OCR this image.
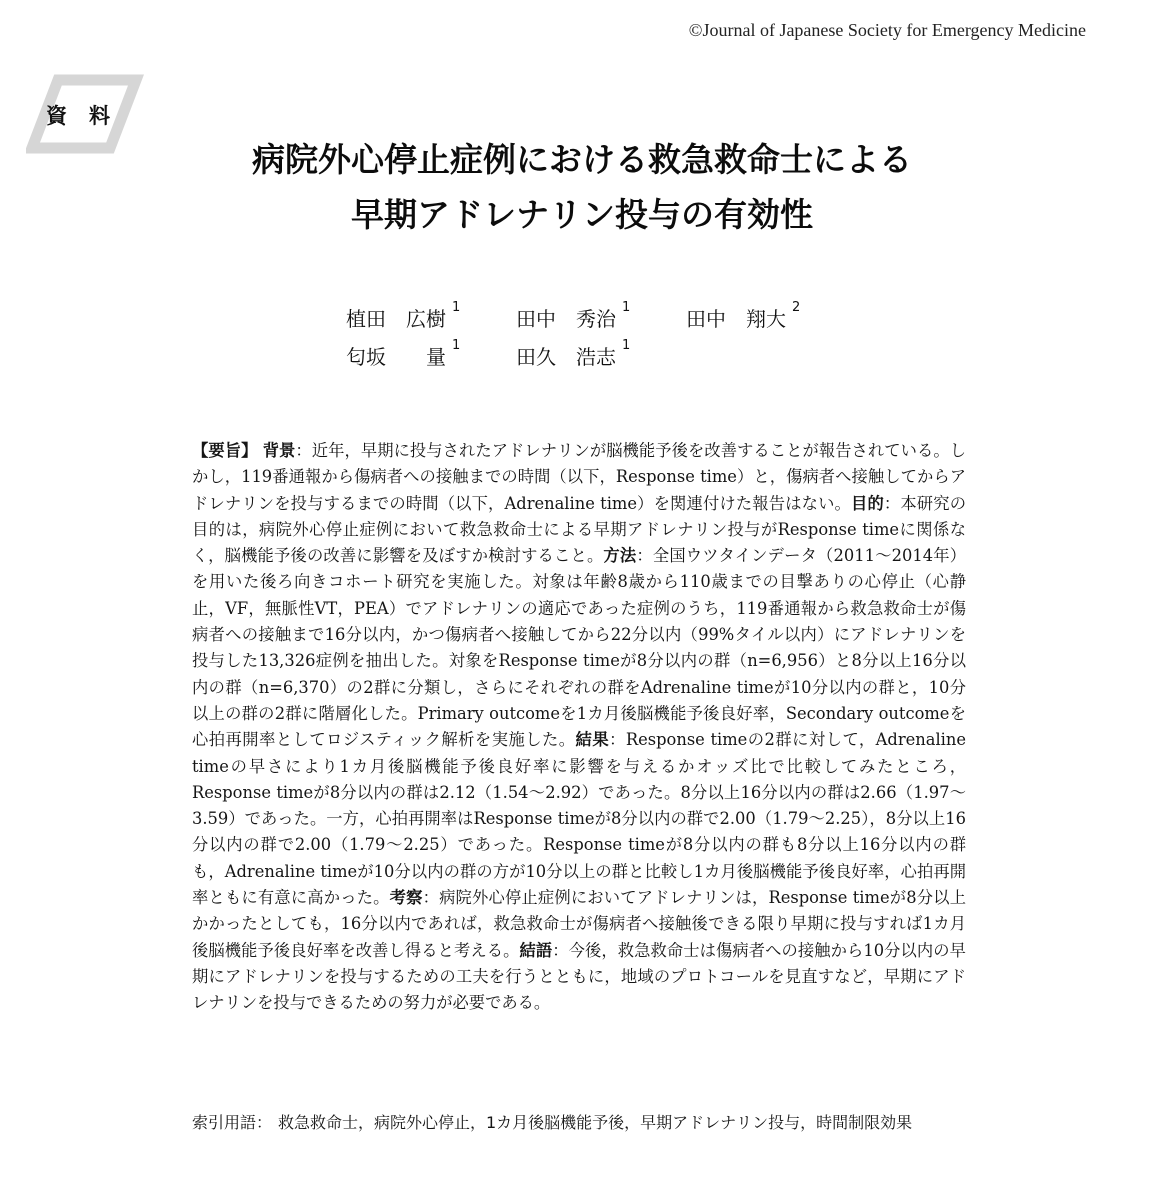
©Journal of Japanese Society for Emergency Medicine
資料
病院外心停止症例における救急救命士による
早期アドレナリン投与の有効性
植田　広樹 $^1$	田中　秀治 $^1$	田中　翔大 $^2$
匂坂　　量 $^1$	田久　浩志 $^1$
【要旨】 背景：近年，早期に投与されたアドレナリンが脳機能予後を改善することが報告されている。しかし，119番通報から傷病者への接触までの時間（以下，Response time）と，傷病者へ接触してからアドレナリンを投与するまでの時間（以下，Adrenaline time）を関連付けた報告はない。目的：本研究の目的は，病院外心停止症例において救急救命士による早期アドレナリン投与がResponse timeに関係なく，脳機能予後の改善に影響を及ぼすか検討すること。方法：全国ウツタインデータ（2011〜2014年）を用いた後ろ向きコホート研究を実施した。対象は年齢8歳から110歳までの目撃ありの心停止（心静止，VF，無脈性VT，PEA）でアドレナリンの適応であった症例のうち，119番通報から救急救命士が傷病者への接触まで16分以内，かつ傷病者へ接触してから22分以内（99%タイル以内）にアドレナリンを投与した13,326症例を抽出した。対象をResponse timeが8分以内の群（n=6,956）と8分以上16分以内の群（n=6,370）の2群に分類し，さらにそれぞれの群をAdrenaline timeが10分以内の群と，10分以上の群の2群に階層化した。Primary outcomeを1カ月後脳機能予後良好率，Secondary outcomeを心拍再開率としてロジスティック解析を実施した。結果：Response timeの2群に対して，Adrenaline timeの早さにより1カ月後脳機能予後良好率に影響を与えるかオッズ比で比較してみたところ，Response timeが8分以内の群は2.12（1.54〜2.92）であった。8分以上16分以内の群は2.66（1.97〜3.59）であった。一方，心拍再開率はResponse timeが8分以内の群で2.00（1.79〜2.25），8分以上16分以内の群で2.00（1.79〜2.25）であった。Response timeが8分以内の群も8分以上16分以内の群も，Adrenaline timeが10分以内の群の方が10分以上の群と比較し1カ月後脳機能予後良好率，心拍再開率ともに有意に高かった。考察：病院外心停止症例においてアドレナリンは，Response timeが8分以上かかったとしても，16分以内であれば，救急救命士が傷病者へ接触後できる限り早期に投与すれば1カ月後脳機能予後良好率を改善し得ると考える。結語：今後，救急救命士は傷病者への接触から10分以内の早期にアドレナリンを投与するための工夫を行うとともに，地域のプロトコールを見直すなど，早期にアドレナリンを投与できるための努力が必要である。
索引用語： 救急救命士，病院外心停止，1カ月後脳機能予後，早期アドレナリン投与，時間制限効果
